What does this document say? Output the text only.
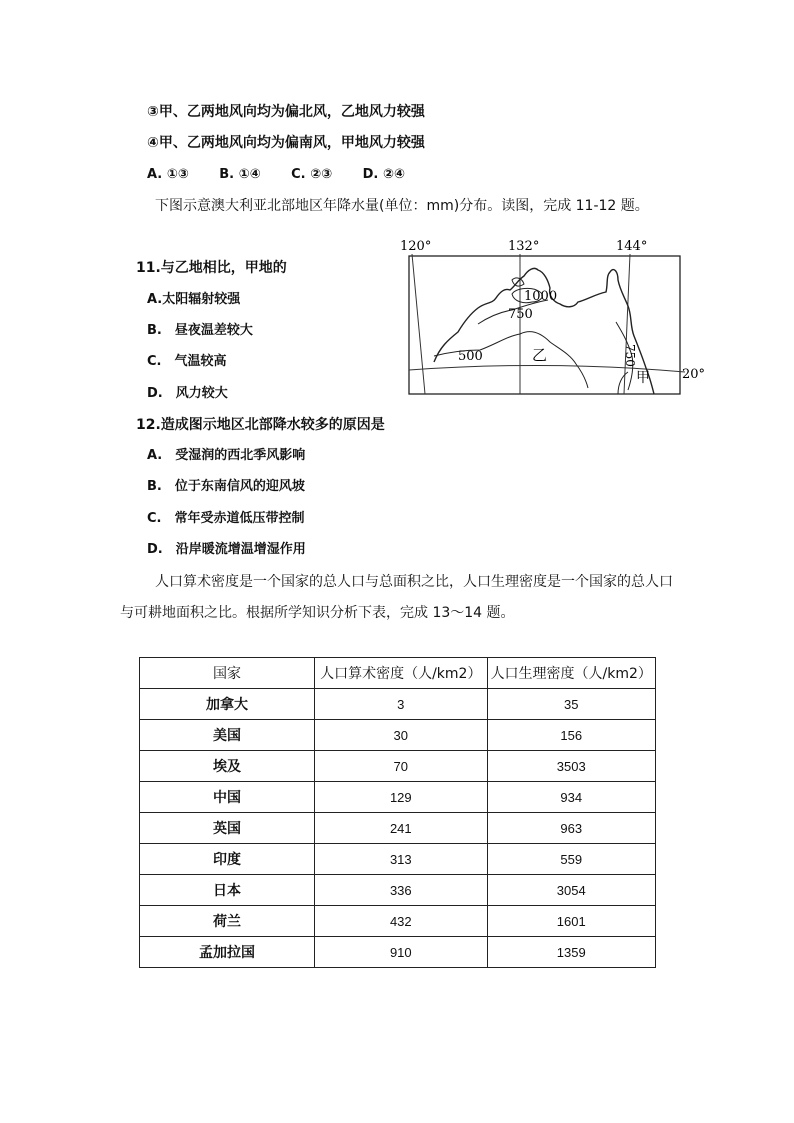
③甲、乙两地风向均为偏北风，乙地风力较强
④甲、乙两地风向均为偏南风，甲地风力较强
A. ①③ B. ①④ C. ②③ D. ②④
下图示意澳大利亚北部地区年降水量(单位：mm)分布。读图，完成 11-12 题。
11.与乙地相比，甲地的
A.太阳辐射较强
B.　昼夜温差较大
C.　气温较高
D.　风力较大
12.造成图示地区北部降水较多的原因是
A.　受湿润的西北季风影响
B.　位于东南信风的迎风坡
C.　常年受赤道低压带控制
D.　沿岸暖流增温增湿作用
120°	132°	144°
1000
750
500	750
乙
甲 20°
人口算术密度是一个国家的总人口与总面积之比，人口生理密度是一个国家的总人口
与可耕地面积之比。根据所学知识分析下表，完成 13～14 题。
国家	人口算术密度（人/km2）	人口生理密度（人/km2）
加拿大	3	35
美国	30	156
埃及	70	3503
中国	129	934
英国	241	963
印度	313	559
日本	336	3054
荷兰	432	1601
孟加拉国	910	1359
